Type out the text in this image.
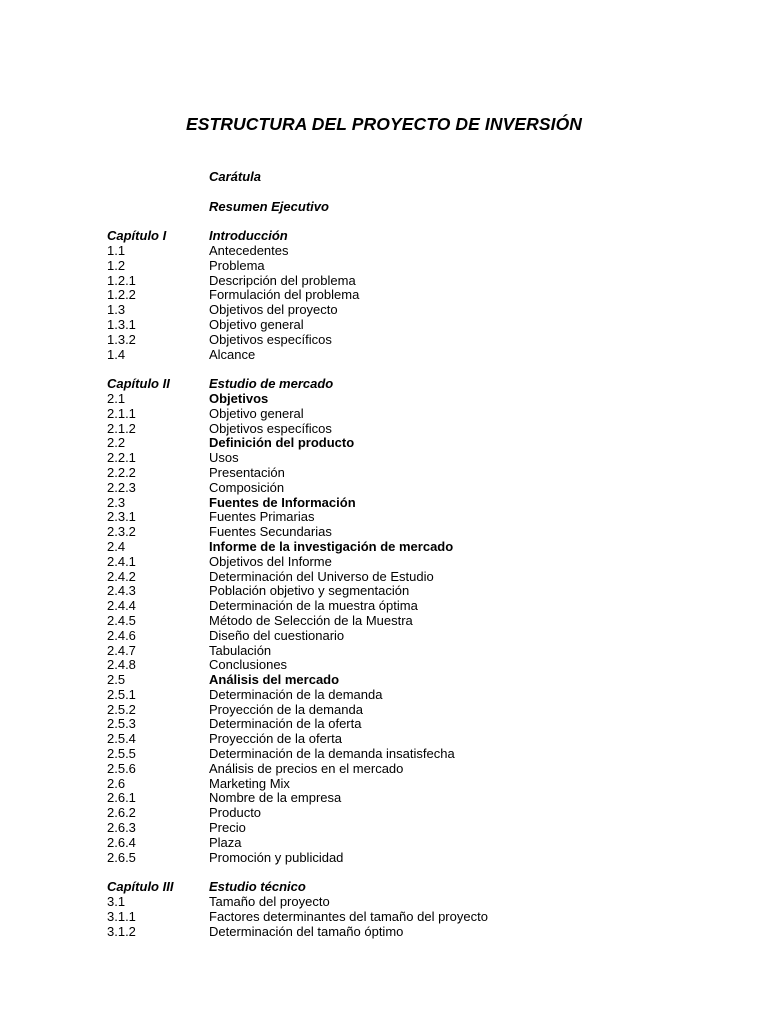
ESTRUCTURA DEL PROYECTO DE INVERSIÓN
Carátula
Resumen Ejecutivo
Capítulo I	Introducción
1.1	Antecedentes
1.2	Problema
1.2.1	Descripción del problema
1.2.2	Formulación del problema
1.3	Objetivos del proyecto
1.3.1	Objetivo general
1.3.2	Objetivos específicos
1.4	Alcance
Capítulo II	Estudio de mercado
2.1	Objetivos
2.1.1	Objetivo general
2.1.2	Objetivos específicos
2.2	Definición del producto
2.2.1	Usos
2.2.2	Presentación
2.2.3	Composición
2.3	Fuentes de Información
2.3.1	Fuentes Primarias
2.3.2	Fuentes Secundarias
2.4	Informe de la investigación de mercado
2.4.1	Objetivos del Informe
2.4.2	Determinación del Universo de Estudio
2.4.3	Población objetivo y segmentación
2.4.4	Determinación de la muestra óptima
2.4.5	Método de Selección de la Muestra
2.4.6	Diseño del cuestionario
2.4.7	Tabulación
2.4.8	Conclusiones
2.5	Análisis del mercado
2.5.1	Determinación de la demanda
2.5.2	Proyección de la demanda
2.5.3	Determinación de la oferta
2.5.4	Proyección de la oferta
2.5.5	Determinación de la demanda insatisfecha
2.5.6	Análisis de precios en el mercado
2.6	Marketing Mix
2.6.1	Nombre de la empresa
2.6.2	Producto
2.6.3	Precio
2.6.4	Plaza
2.6.5	Promoción y publicidad
Capítulo III	Estudio técnico
3.1	Tamaño del proyecto
3.1.1	Factores determinantes del tamaño del proyecto
3.1.2	Determinación del tamaño óptimo
